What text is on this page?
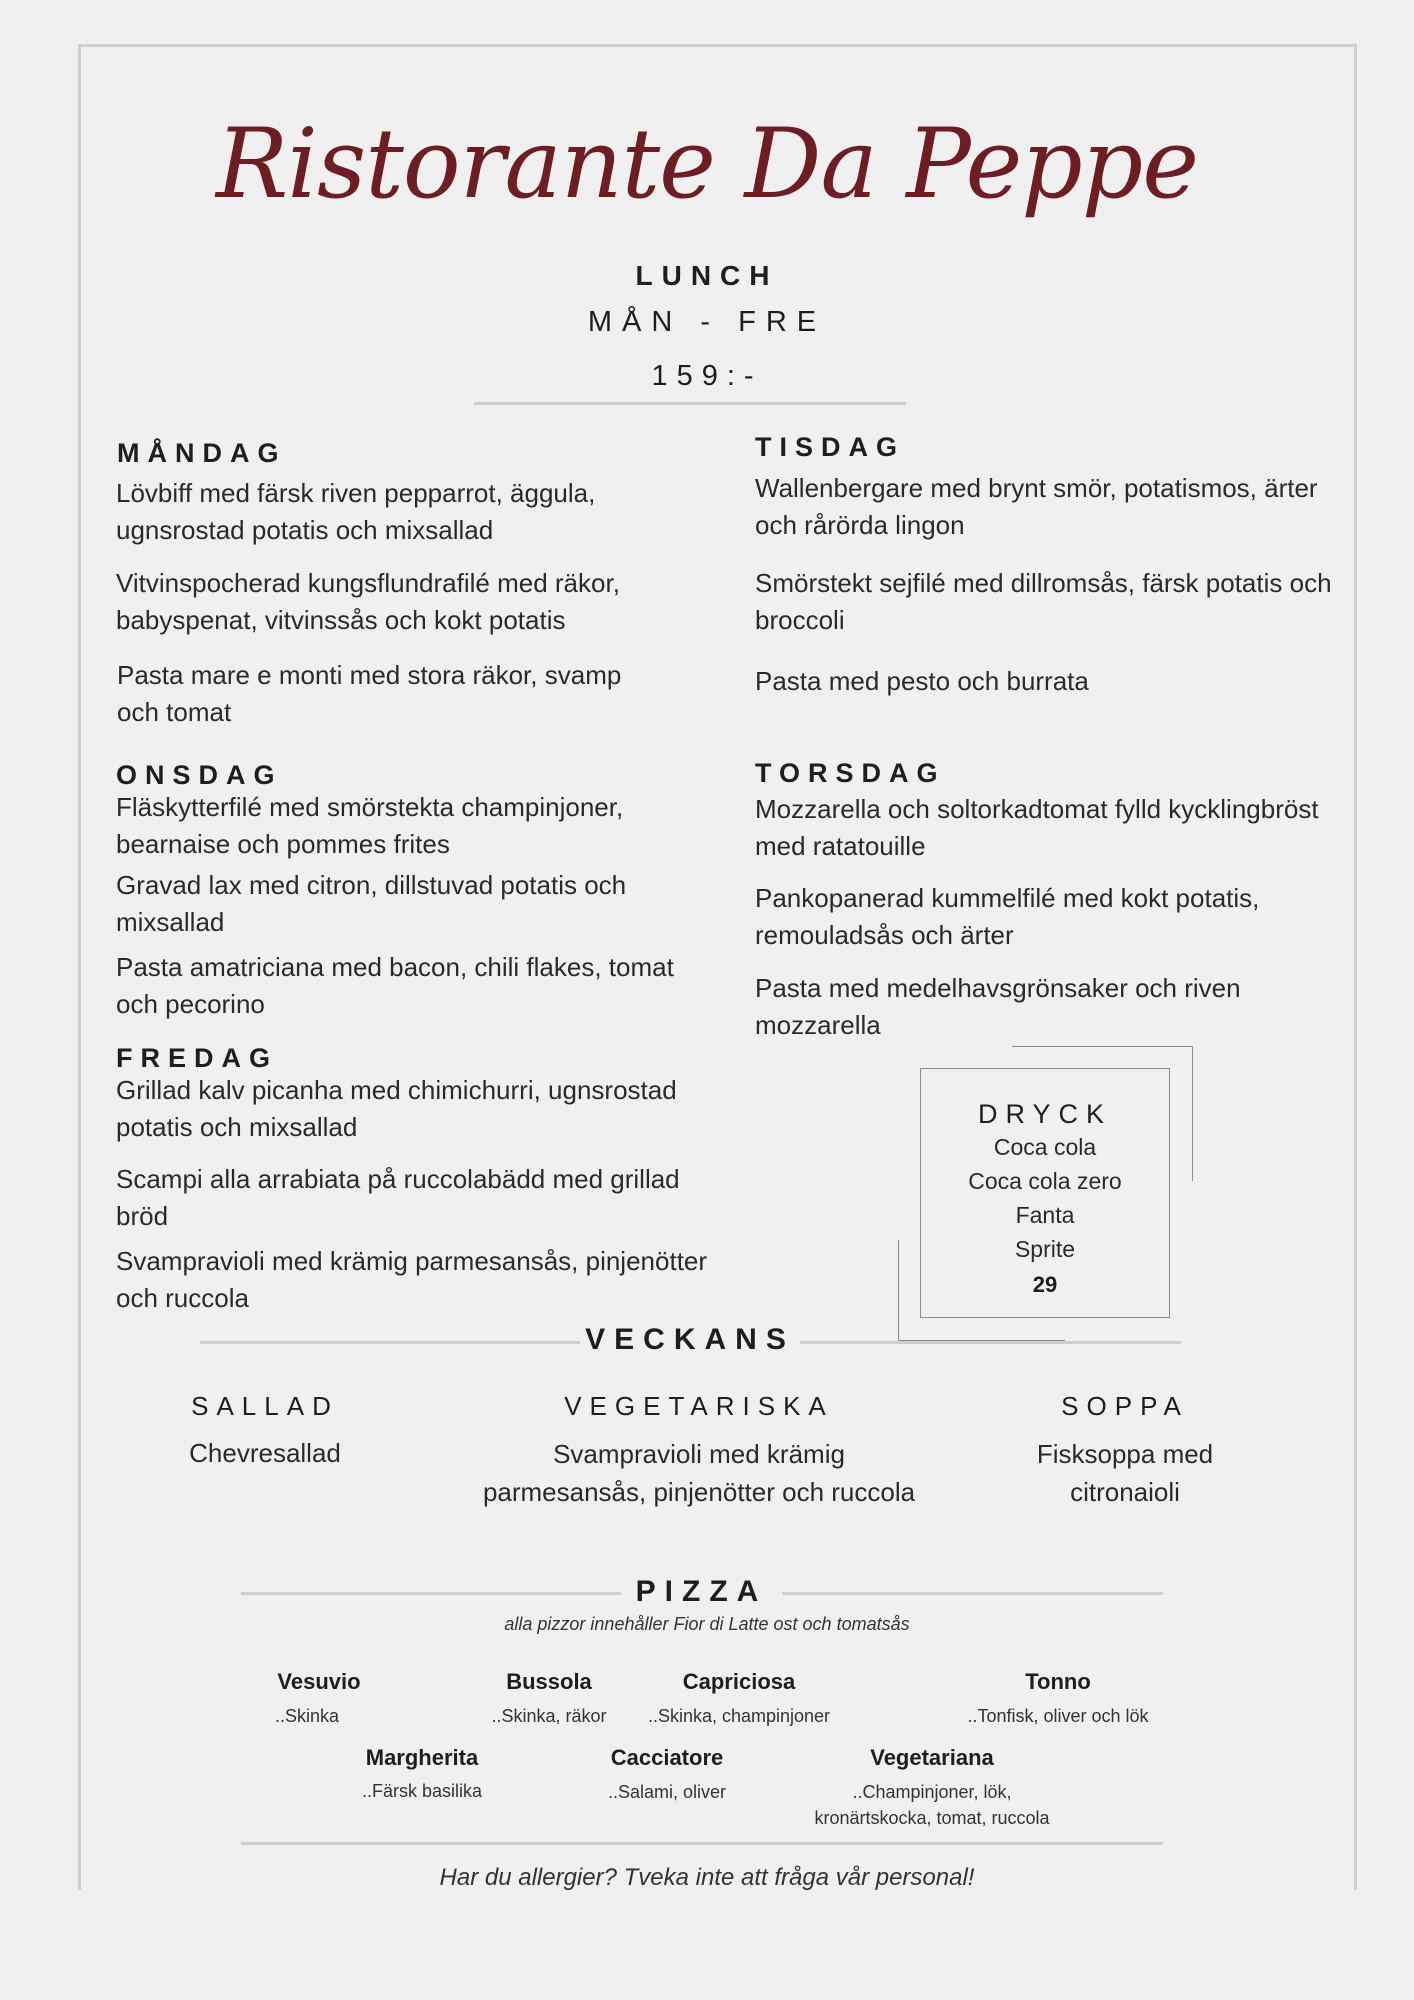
Ristorante Da Peppe
LUNCH
MÅN - FRE
159:-
MÅNDAG
Lövbiff med färsk riven pepparrot, äggula, ugnsrostad potatis och mixsallad
Vitvinspocherad kungsflundrafilé med räkor, babyspenat, vitvinssås och kokt potatis
Pasta mare e monti med stora räkor, svamp och tomat
TISDAG
Wallenbergare med brynt smör, potatismos, ärter och rårörda lingon
Smörstekt sejfilé med dillromsås, färsk potatis och broccoli
Pasta med pesto och burrata
ONSDAG
Fläskytterfilé med smörstekta champinjoner, bearnaise och pommes frites
Gravad lax med citron, dillstuvad potatis och mixsallad
Pasta amatriciana med bacon, chili flakes, tomat och pecorino
TORSDAG
Mozzarella och soltorkadtomat fylld kycklingbröst med ratatouille
Pankopanerad kummelfilé med kokt potatis, remouladsås och ärter
Pasta med medelhavsgrönsaker och riven mozzarella
FREDAG
Grillad kalv picanha med chimichurri, ugnsrostad potatis och mixsallad
Scampi alla arrabiata på ruccolabädd med grillad bröd
Svampravioli med krämig parmesansås, pinjenötter och ruccola
DRYCK
Coca cola
Coca cola zero
Fanta
Sprite
29
VECKANS
SALLAD
Chevresallad
VEGETARISKA
Svampravioli med krämig parmesansås, pinjenötter och ruccola
SOPPA
Fisksoppa med citronaioli
PIZZA
alla pizzor innehåller Fior di Latte ost och tomatsås
Vesuvio
..Skinka
Bussola
..Skinka, räkor
Capriciosa
..Skinka, champinjoner
Tonno
..Tonfisk, oliver och lök
Margherita
..Färsk basilika
Cacciatore
..Salami, oliver
Vegetariana
..Champinjoner, lök, kronärtskocka, tomat, ruccola
Har du allergier? Tveka inte att fråga vår personal!
